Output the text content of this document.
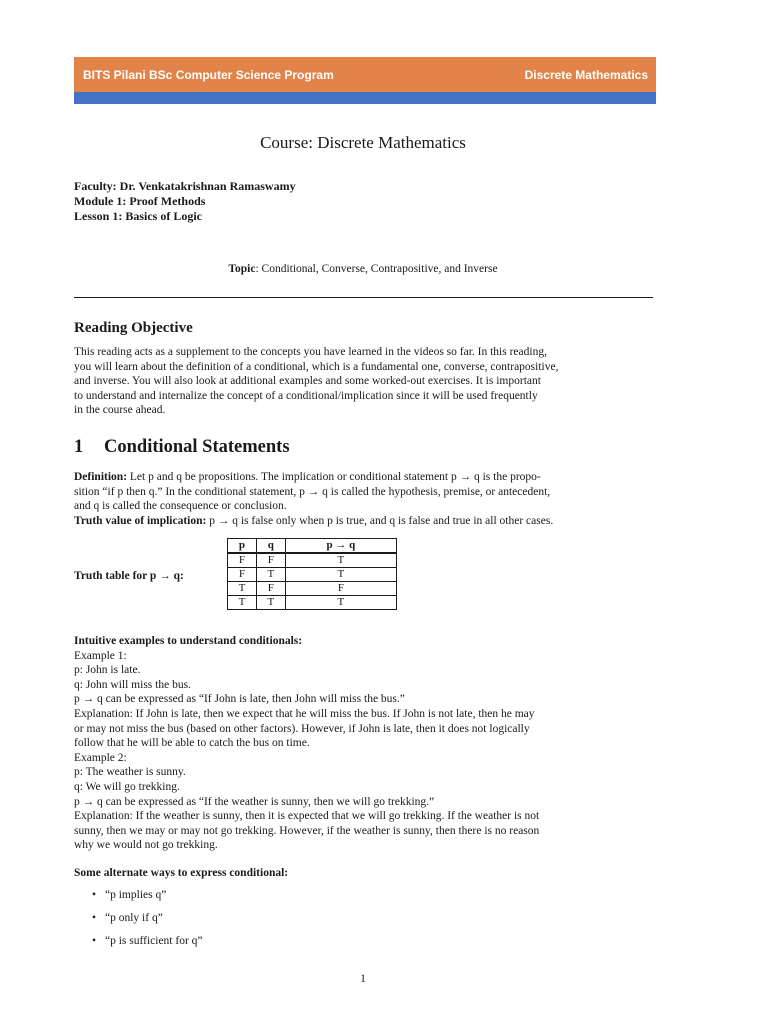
BITS Pilani BSc Computer Science Program	Discrete Mathematics
Course: Discrete Mathematics
Faculty: Dr. Venkatakrishnan Ramaswamy
Module 1: Proof Methods
Lesson 1: Basics of Logic
Topic: Conditional, Converse, Contrapositive, and Inverse
Reading Objective
This reading acts as a supplement to the concepts you have learned in the videos so far. In this reading,
you will learn about the definition of a conditional, which is a fundamental one, converse, contrapositive,
and inverse. You will also look at additional examples and some worked-out exercises. It is important
to understand and internalize the concept of a conditional/implication since it will be used frequently
in the course ahead.
1 Conditional Statements
Definition: Let p and q be propositions. The implication or conditional statement p → q is the propo-
sition “if p then q.” In the conditional statement, p → q is called the hypothesis, premise, or antecedent,
and q is called the consequence or conclusion.
Truth value of implication: p → q is false only when p is true, and q is false and true in all other cases.
Truth table for p → q:
p	q	p → q
F	F	T
F	T	T
T	F	F
T	T	T
Intuitive examples to understand conditionals:
Example 1:
p: John is late.
q: John will miss the bus.
p → q can be expressed as “If John is late, then John will miss the bus.”
Explanation: If John is late, then we expect that he will miss the bus. If John is not late, then he may
or may not miss the bus (based on other factors). However, if John is late, then it does not logically
follow that he will be able to catch the bus on time.
Example 2:
p: The weather is sunny.
q: We will go trekking.
p → q can be expressed as “If the weather is sunny, then we will go trekking.”
Explanation: If the weather is sunny, then it is expected that we will go trekking. If the weather is not
sunny, then we may or may not go trekking. However, if the weather is sunny, then there is no reason
why we would not go trekking.
Some alternate ways to express conditional:
• “p implies q”
• “p only if q”
• “p is sufficient for q”
1
